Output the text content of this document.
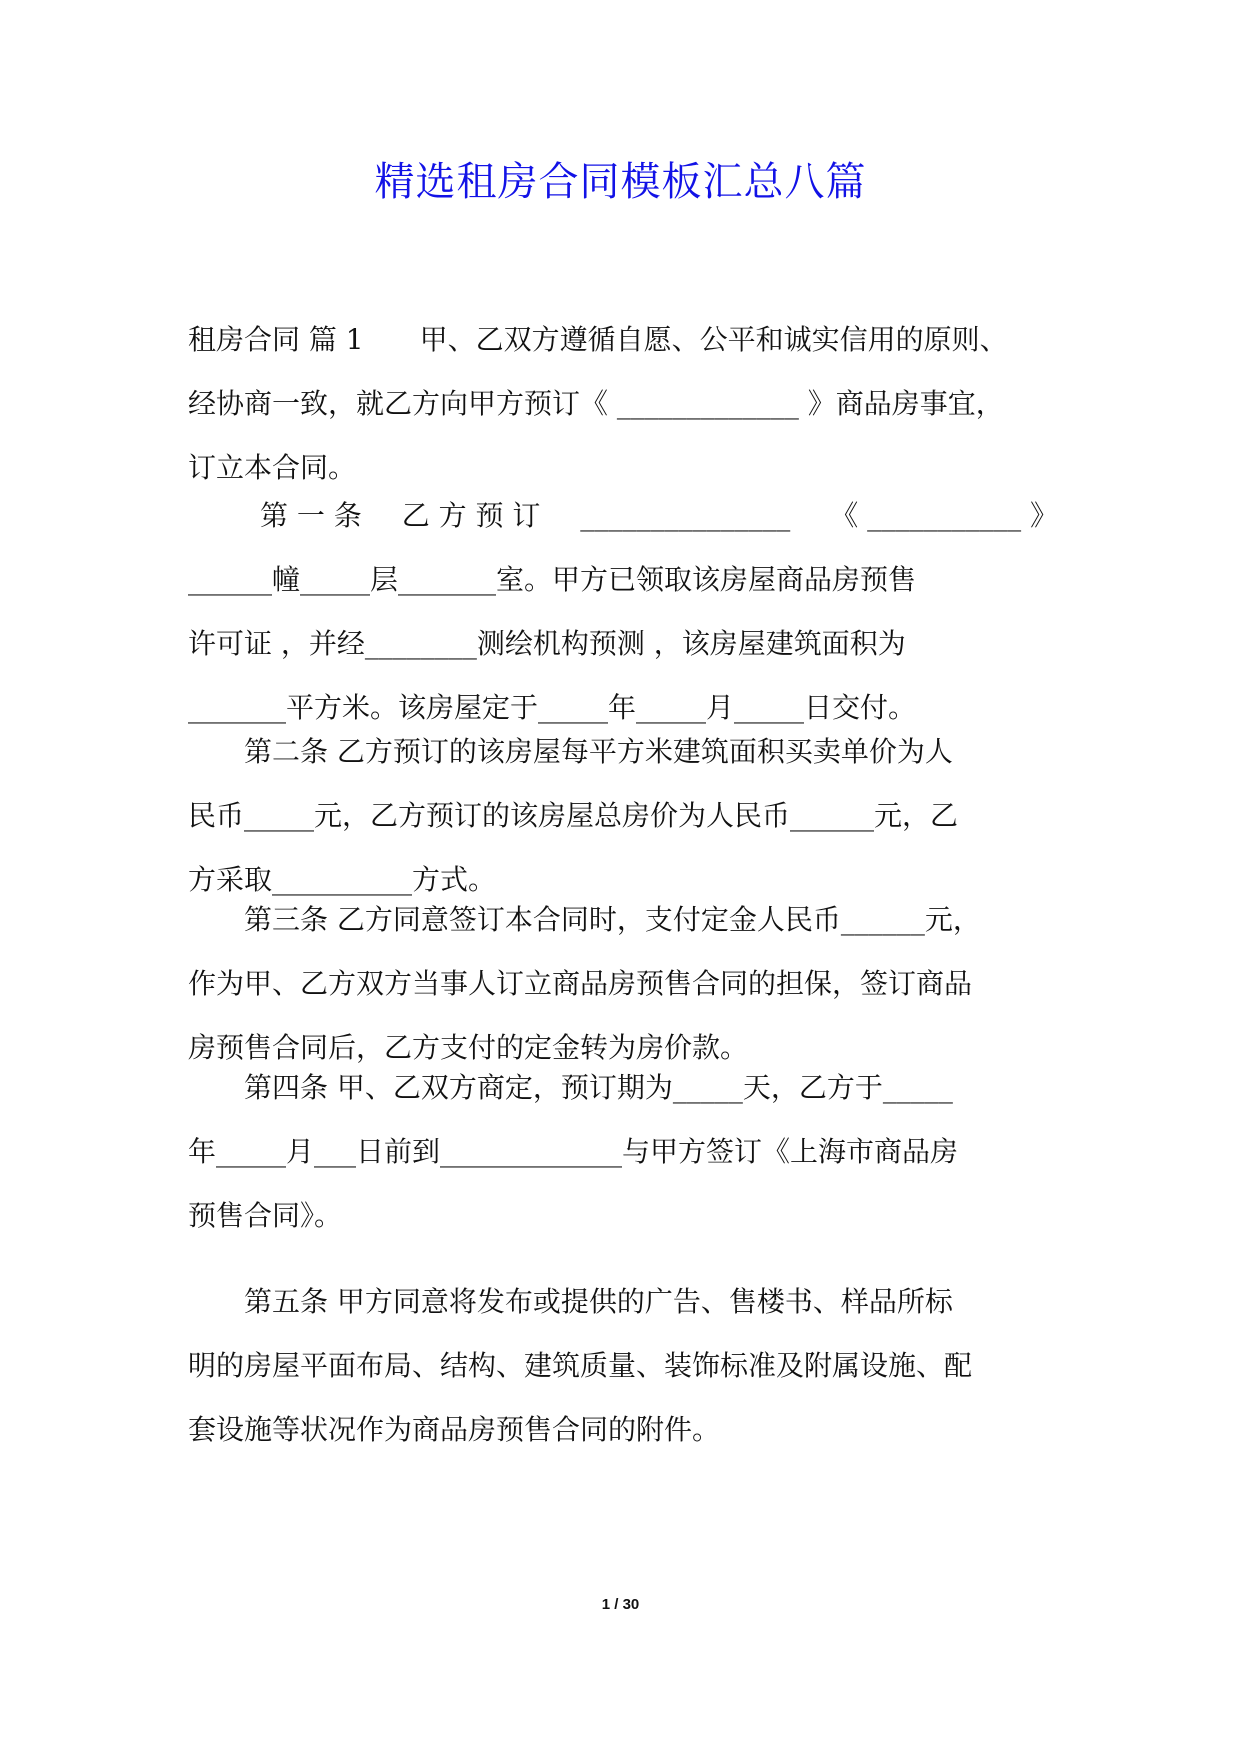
精选租房合同模板汇总八篇
租房合同 篇 1 甲、乙双方遵循自愿、公平和诚实信用的原则、
经协商一致，就乙方向甲方预订《 _____________ 》商品房事宜，
订立本合同。
第 一 条 乙 方 预 订 _______________ 《 ___________ 》
______幢_____层_______室。甲方已领取该房屋商品房预售
许可证 ，并经________测绘机构预测 ，该房屋建筑面积为
_______平方米。该房屋定于_____年_____月_____日交付。
第二条 乙方预订的该房屋每平方米建筑面积买卖单价为人
民币_____元，乙方预订的该房屋总房价为人民币______元，乙
方采取__________方式。
第三条 乙方同意签订本合同时，支付定金人民币______元，
作为甲、乙方双方当事人订立商品房预售合同的担保，签订商品
房预售合同后，乙方支付的定金转为房价款。
第四条 甲、乙双方商定，预订期为_____天，乙方于_____
年_____月___日前到_____________与甲方签订《上海市商品房
预售合同》。
第五条 甲方同意将发布或提供的广告、售楼书、样品所标
明的房屋平面布局、结构、建筑质量、装饰标准及附属设施、配
套设施等状况作为商品房预售合同的附件。
1 / 30
